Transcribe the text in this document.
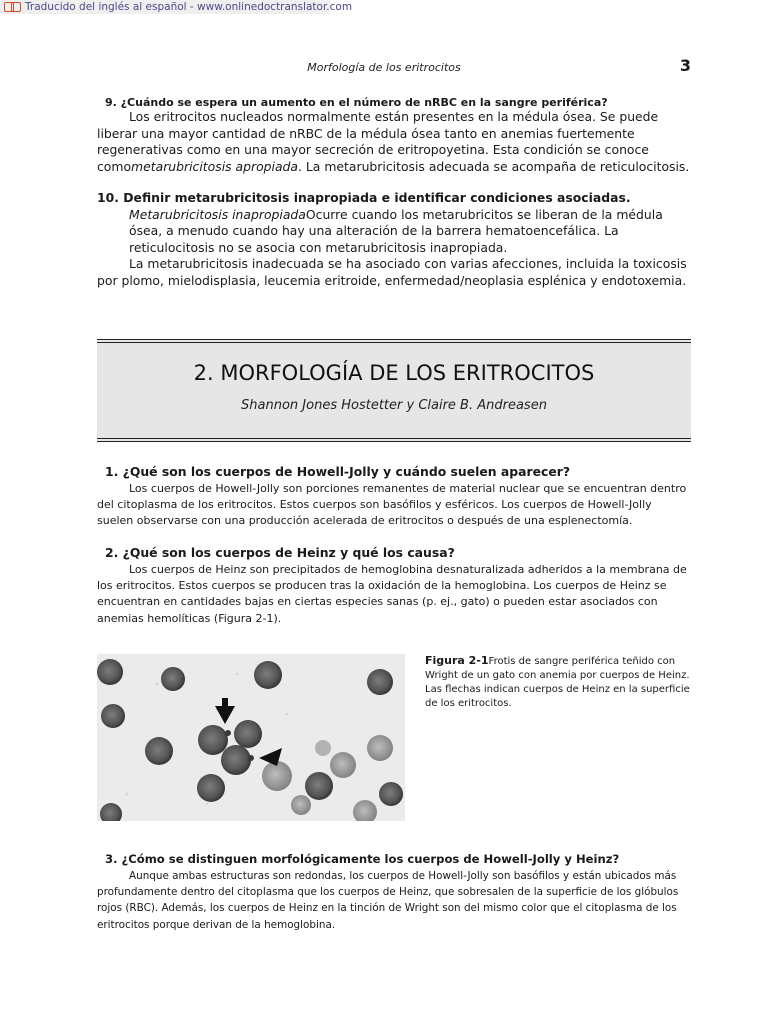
Traducido del inglés al español - www.onlinedoctranslator.com
Morfología de los eritrocitos	3

9. ¿Cuándo se espera un aumento en el número de nRBC en la sangre periférica?

Los eritrocitos nucleados normalmente están presentes en la médula ósea. Se puede liberar una mayor cantidad de nRBC de la médula ósea tanto en anemias fuertemente regenerativas como en una mayor secreción de eritropoyetina. Esta condición se conoce comometarubricitosis apropiada. La metarubricitosis adecuada se acompaña de reticulocitosis.

10. Definir metarubricitosis inapropiada e identificar condiciones asociadas. Metarubricitosis inapropiadaOcurre cuando los metarubricitos se liberan de la médula ósea, a menudo cuando hay una alteración de la barrera hematoencefálica. La reticulocitosis no se asocia con metarubricitosis inapropiada.

La metarubricitosis inadecuada se ha asociado con varias afecciones, incluida la toxicosis por plomo, mielodisplasia, leucemia eritroide, enfermedad/neoplasia esplénica y endotoxemia.

2. MORFOLOGÍA DE LOS ERITROCITOS
Shannon Jones Hostetter y Claire B. Andreasen

1. ¿Qué son los cuerpos de Howell-Jolly y cuándo suelen aparecer?

Los cuerpos de Howell-Jolly son porciones remanentes de material nuclear que se encuentran dentro del citoplasma de los eritrocitos. Estos cuerpos son basófilos y esféricos. Los cuerpos de Howell-Jolly suelen observarse con una producción acelerada de eritrocitos o después de una esplenectomía.

2. ¿Qué son los cuerpos de Heinz y qué los causa?

Los cuerpos de Heinz son precipitados de hemoglobina desnaturalizada adheridos a la membrana de los eritrocitos. Estos cuerpos se producen tras la oxidación de la hemoglobina. Los cuerpos de Heinz se encuentran en cantidades bajas en ciertas especies sanas (p. ej., gato) o pueden estar asociados con anemias hemolíticas (Figura 2-1).

Figura 2-1Frotis de sangre periférica teñido con Wright de un gato con anemia por cuerpos de Heinz. Las flechas indican cuerpos de Heinz en la superficie de los eritrocitos.

3. ¿Cómo se distinguen morfológicamente los cuerpos de Howell-Jolly y Heinz?

Aunque ambas estructuras son redondas, los cuerpos de Howell-Jolly son basófilos y están ubicados más profundamente dentro del citoplasma que los cuerpos de Heinz, que sobresalen de la superficie de los glóbulos rojos (RBC). Además, los cuerpos de Heinz en la tinción de Wright son del mismo color que el citoplasma de los eritrocitos porque derivan de la hemoglobina.
